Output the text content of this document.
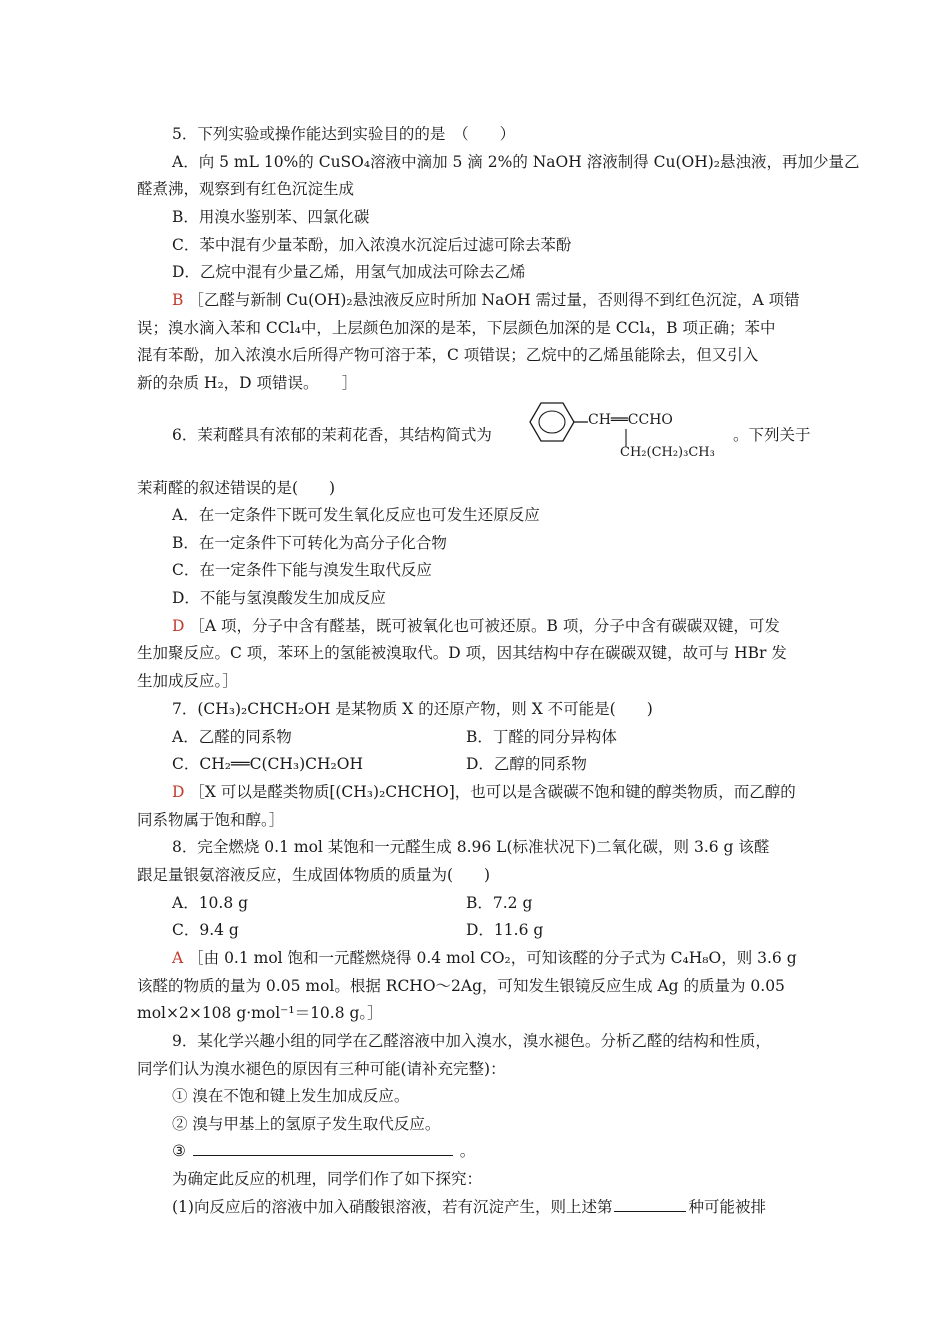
5．下列实验或操作能达到实验目的的是　（　　）
A．向 5 mL 10%的 CuSO₄溶液中滴加 5 滴 2%的 NaOH 溶液制得 Cu(OH)₂悬浊液，再加少量乙
醛煮沸，观察到有红色沉淀生成
B．用溴水鉴别苯、四氯化碳
C．苯中混有少量苯酚，加入浓溴水沉淀后过滤可除去苯酚
D．乙烷中混有少量乙烯，用氢气加成法可除去乙烯
B ［乙醛与新制 Cu(OH)₂悬浊液反应时所加 NaOH 需过量，否则得不到红色沉淀，A 项错
误；溴水滴入苯和 CCl₄中，上层颜色加深的是苯，下层颜色加深的是 CCl₄，B 项正确；苯中
混有苯酚，加入浓溴水后所得产物可溶于苯，C 项错误；乙烷中的乙烯虽能除去，但又引入
新的杂质 H₂，D 项错误。　　］
6．茉莉醛具有浓郁的茉莉花香，其结构简式为
CH══CCHO
CH₂(CH₂)₃CH₃
。下列关于
茉莉醛的叙述错误的是(　　)
A．在一定条件下既可发生氧化反应也可发生还原反应
B．在一定条件下可转化为高分子化合物
C．在一定条件下能与溴发生取代反应
D．不能与氢溴酸发生加成反应
D ［A 项，分子中含有醛基，既可被氧化也可被还原。B 项，分子中含有碳碳双键，可发
生加聚反应。C 项，苯环上的氢能被溴取代。D 项，因其结构中存在碳碳双键，故可与 HBr 发
生加成反应。］
7．(CH₃)₂CHCH₂OH 是某物质 X 的还原产物，则 X 不可能是(　　)
A．乙醛的同系物	B．丁醛的同分异构体
C．CH₂══C(CH₃)CH₂OH	D．乙醇的同系物
D ［X 可以是醛类物质[(CH₃)₂CHCHO]，也可以是含碳碳不饱和键的醇类物质，而乙醇的
同系物属于饱和醇。］
8．完全燃烧 0.1 mol 某饱和一元醛生成 8.96 L(标准状况下)二氧化碳，则 3.6 g 该醛
跟足量银氨溶液反应，生成固体物质的质量为(　　)
A．10.8 g	B．7.2 g
C．9.4 g	D．11.6 g
A ［由 0.1 mol 饱和一元醛燃烧得 0.4 mol CO₂，可知该醛的分子式为 C₄H₈O，则 3.6 g
该醛的物质的量为 0.05 mol。根据 RCHO～2Ag，可知发生银镜反应生成 Ag 的质量为 0.05
mol×2×108 g·mol⁻¹＝10.8 g。］
9．某化学兴趣小组的同学在乙醛溶液中加入溴水，溴水褪色。分析乙醛的结构和性质，
同学们认为溴水褪色的原因有三种可能(请补充完整)：
① 溴在不饱和键上发生加成反应。
② 溴与甲基上的氢原子发生取代反应。
③	。
为确定此反应的机理，同学们作了如下探究：
(1)向反应后的溶液中加入硝酸银溶液，若有沉淀产生，则上述第	种可能被排
